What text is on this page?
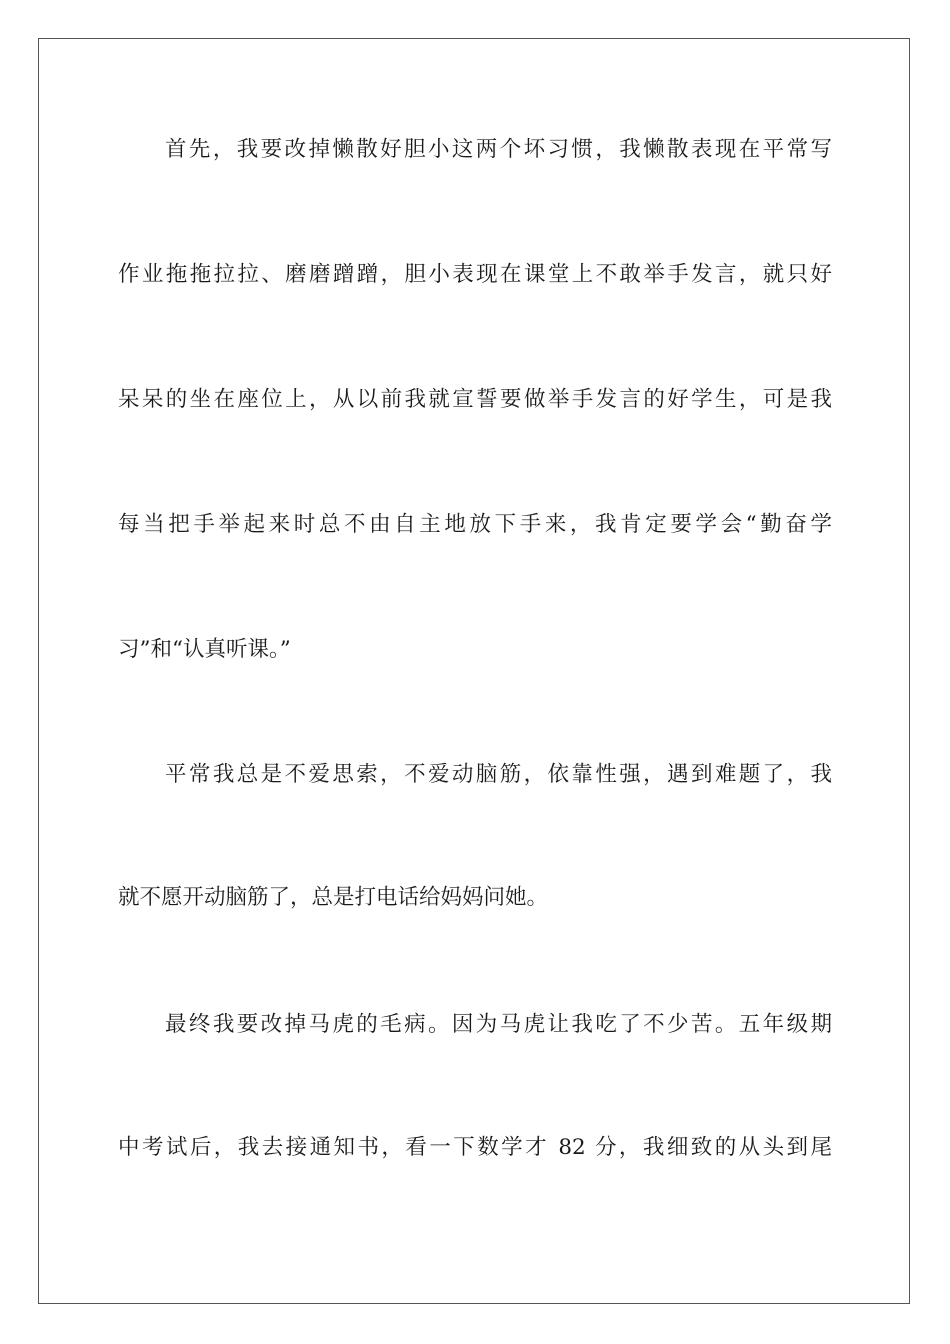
首先，我要改掉懒散好胆小这两个坏习惯，我懒散表现在平常写
作业拖拖拉拉、磨磨蹭蹭，胆小表现在课堂上不敢举手发言，就只好
呆呆的坐在座位上，从以前我就宣誓要做举手发言的好学生，可是我
每当把手举起来时总不由自主地放下手来，我肯定要学会“勤奋学
习”和“认真听课。”
平常我总是不爱思索，不爱动脑筋，依靠性强，遇到难题了，我
就不愿开动脑筋了，总是打电话给妈妈问她。
最终我要改掉马虎的毛病。因为马虎让我吃了不少苦。五年级期
中考试后，我去接通知书，看一下数学才 82 分，我细致的从头到尾
